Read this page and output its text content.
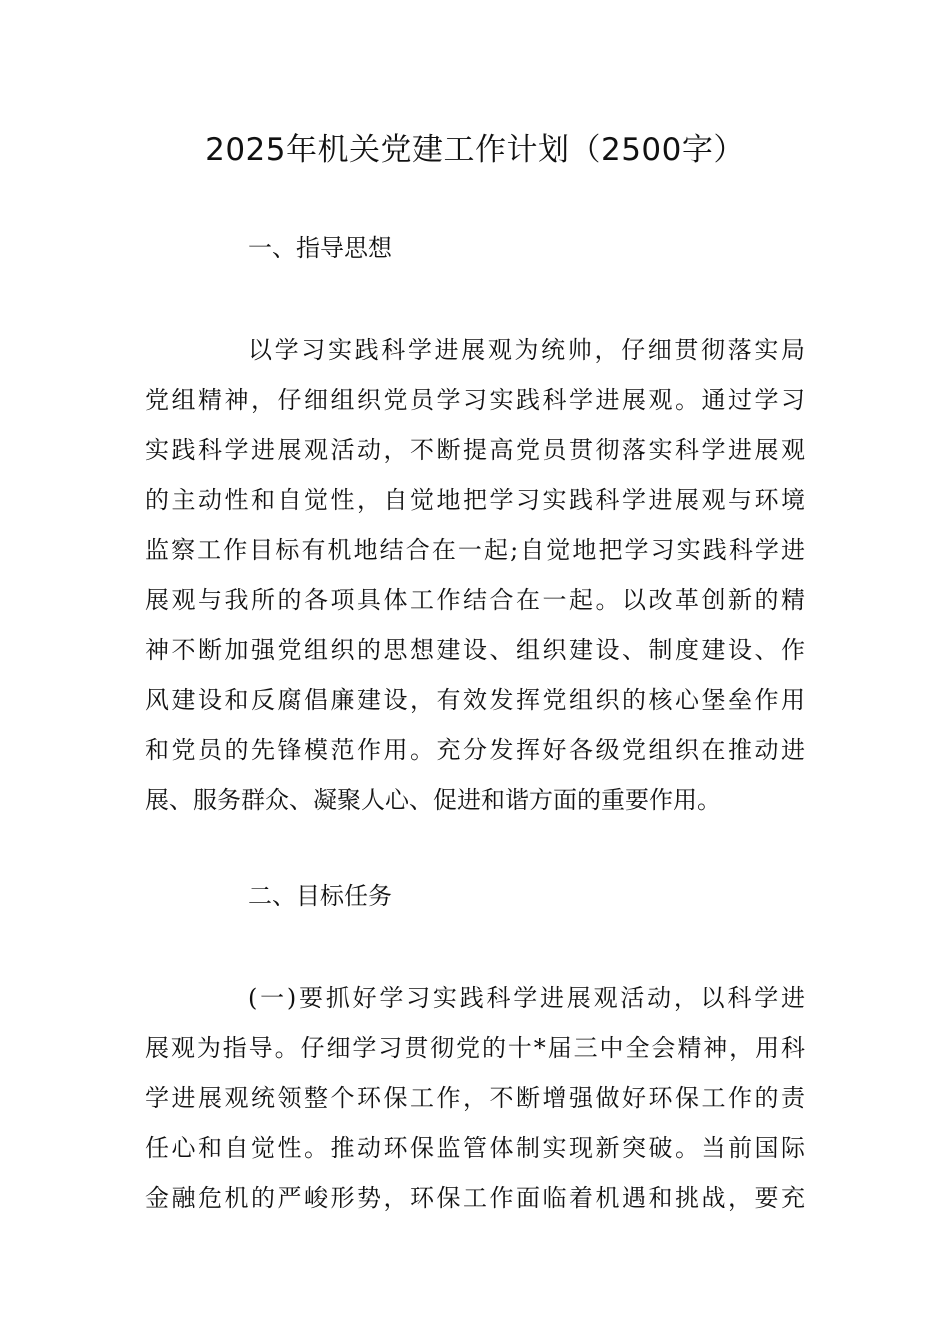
2025年机关党建工作计划（2500字）
一、指导思想
以学习实践科学进展观为统帅，仔细贯彻落实局
党组精神，仔细组织党员学习实践科学进展观。通过学习
实践科学进展观活动，不断提高党员贯彻落实科学进展观
的主动性和自觉性，自觉地把学习实践科学进展观与环境
监察工作目标有机地结合在一起;自觉地把学习实践科学进
展观与我所的各项具体工作结合在一起。以改革创新的精
神不断加强党组织的思想建设、组织建设、制度建设、作
风建设和反腐倡廉建设，有效发挥党组织的核心堡垒作用
和党员的先锋模范作用。充分发挥好各级党组织在推动进
展、服务群众、凝聚人心、促进和谐方面的重要作用。
二、目标任务
(一)要抓好学习实践科学进展观活动，以科学进
展观为指导。仔细学习贯彻党的十*届三中全会精神，用科
学进展观统领整个环保工作，不断增强做好环保工作的责
任心和自觉性。推动环保监管体制实现新突破。当前国际
金融危机的严峻形势，环保工作面临着机遇和挑战，要充
